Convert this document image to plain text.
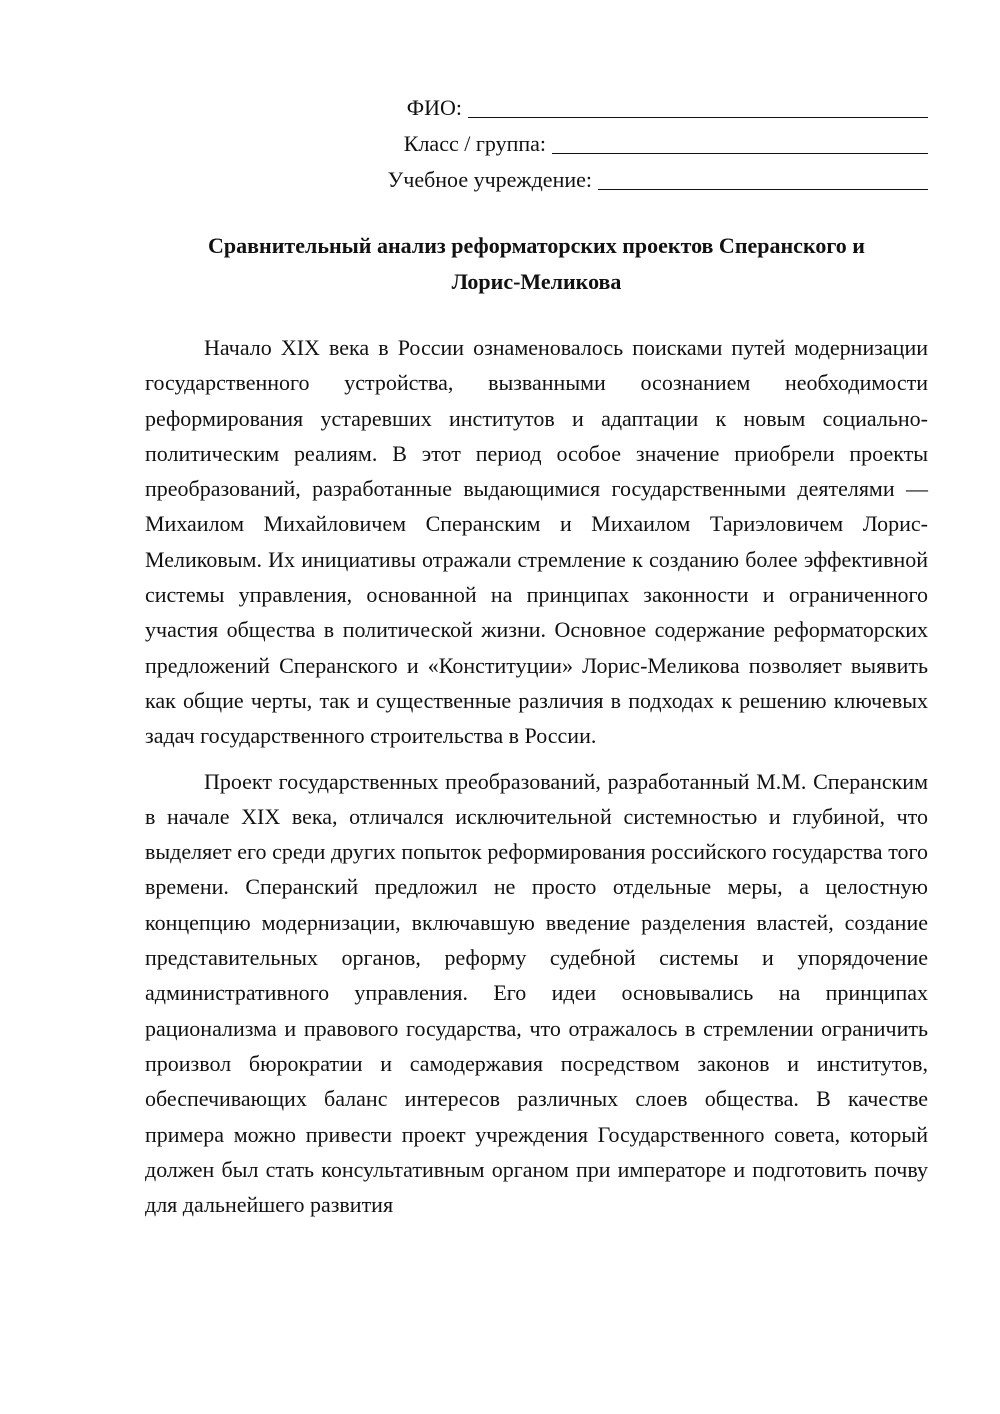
ФИО:
Класс / группа:
Учебное учреждение:
Сравнительный анализ реформаторских проектов Сперанского и
Лорис-Меликова

Начало XIX века в России ознаменовалось поисками путей модернизации государственного устройства, вызванными осознанием необходимости реформирования устаревших институтов и адаптации к новым социально-политическим реалиям. В этот период особое значение приобрели проекты преобразований, разработанные выдающимися государственными деятелями — Михаилом Михайловичем Сперанским и Михаилом Тариэловичем Лорис-Меликовым. Их инициативы отражали стремление к созданию более эффективной системы управления, основанной на принципах законности и ограниченного участия общества в политической жизни. Основное содержание реформаторских предложений Сперанского и «Конституции» Лорис-Меликова позволяет выявить как общие черты, так и существенные различия в подходах к решению ключевых задач государственного строительства в России.

Проект государственных преобразований, разработанный М.М. Сперанским в начале XIX века, отличался исключительной системностью и глубиной, что выделяет его среди других попыток реформирования российского государства того времени. Сперанский предложил не просто отдельные меры, а целостную концепцию модернизации, включавшую введение разделения властей, создание представительных органов, реформу судебной системы и упорядочение административного управления. Его идеи основывались на принципах рационализма и правового государства, что отражалось в стремлении ограничить произвол бюрократии и самодержавия посредством законов и институтов, обеспечивающих баланс интересов различных слоев общества. В качестве примера можно привести проект учреждения Государственного совета, который должен был стать консультативным органом при императоре и подготовить почву для дальнейшего развития
